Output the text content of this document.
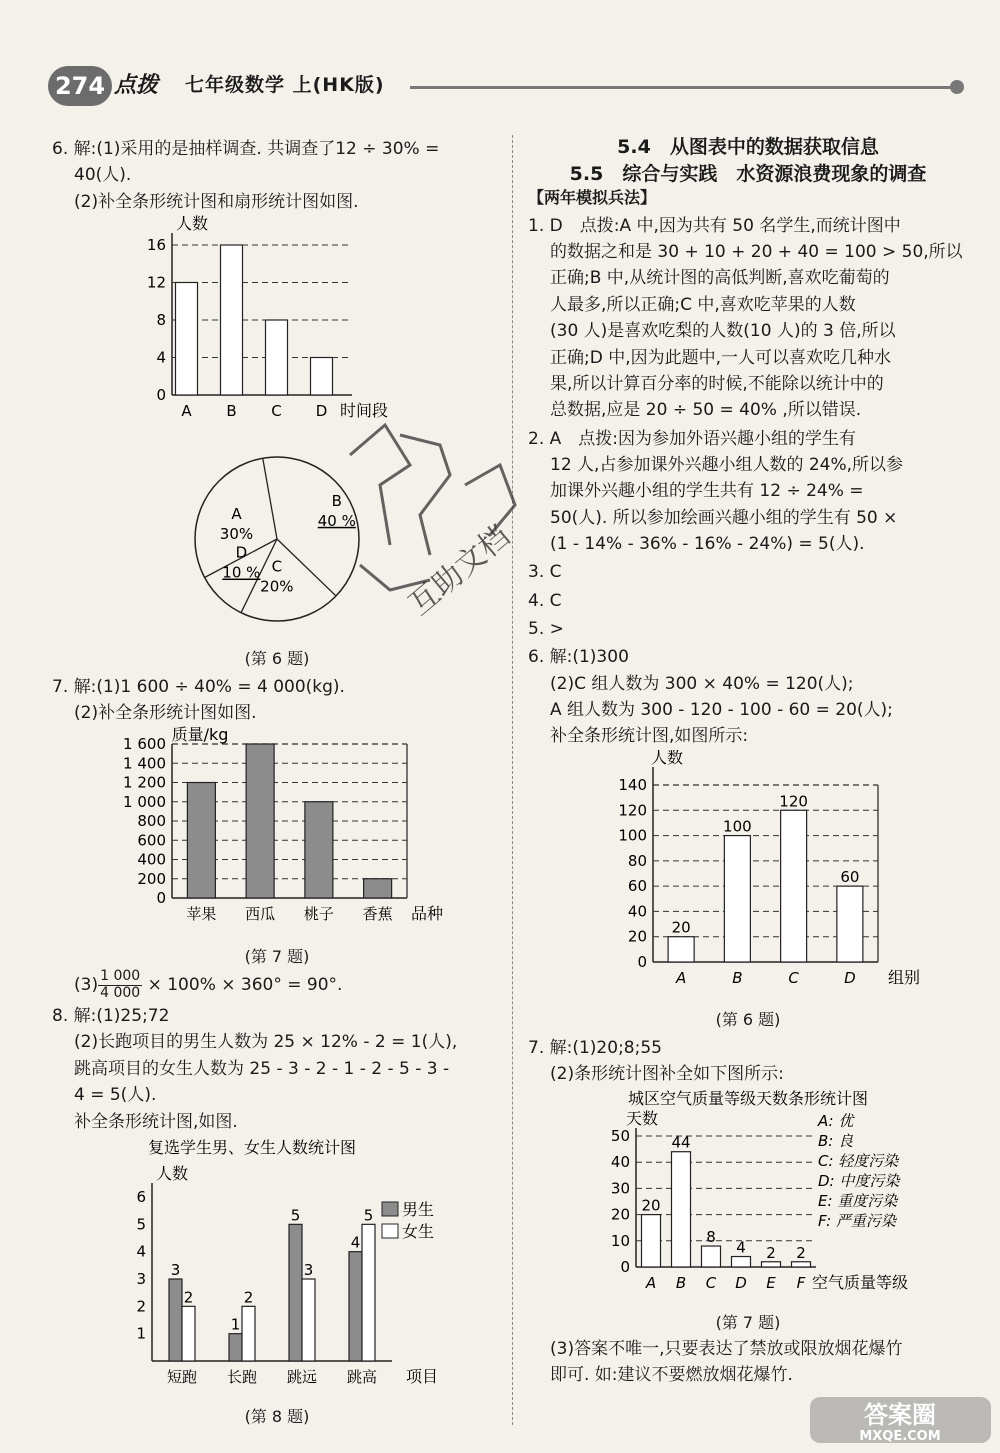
274 点拨 七年级数学 上(HK版)

6. 解:(1)采用的是抽样调查. 共调查了12 ÷ 30% =

40(人).

(2)补全条形统计图和扇形统计图如图.

0
4
8
12
16
人数
时间段
A B C D

B
40 %
C
20%
D
10 %
A
30%

(第 6 题)

7. 解:(1)1 600 ÷ 40% = 4 000(kg).

(2)补全条形统计图如图.

0
200
400
600
800
1 000
1 200
1 400
1 600 质量/kg
品种
苹果 西瓜 桃子 香蕉

(第 7 题)

$(3) \frac{1 000}{4 000} \times 100\% \times 360^\circ = 90^\circ$.

8. 解:(1)25;72

(2)长跑项目的男生人数为 25 × 12% - 2 = 1(人),

跳高项目的女生人数为 25 - 3 - 2 - 1 - 2 - 5 - 3 -

4 = 5(人).

补全条形统计图,如图.

1
2
3
4
5
6
人数
项目
复选学生男、女生人数统计图
3
2
短跑
1
2
长跑
5
3
跳远
4
5
跳高
男生
女生

(第 8 题)

5.4　从图表中的数据获取信息

5.5　综合与实践　水资源浪费现象的调查

【两年模拟兵法】

1. D　点拨:A 中,因为共有 50 名学生,而统计图中

的数据之和是 30 + 10 + 20 + 40 = 100 > 50,所以

正确;B 中,从统计图的高低判断,喜欢吃葡萄的

人最多,所以正确;C 中,喜欢吃苹果的人数

(30 人)是喜欢吃梨的人数(10 人)的 3 倍,所以

正确;D 中,因为此题中,一人可以喜欢吃几种水

果,所以计算百分率的时候,不能除以统计中的

总数据,应是 20 ÷ 50 = 40% ,所以错误.

2. A　点拨:因为参加外语兴趣小组的学生有

12 人,占参加课外兴趣小组人数的 24%,所以参

加课外兴趣小组的学生共有 12 ÷ 24% =

50(人). 所以参加绘画兴趣小组的学生有 50 ×

(1 - 14% - 36% - 16% - 24%) = 5(人).

3. C

4. C

5. >

6. 解:(1)300

(2)C 组人数为 300 × 40% = 120(人);

A 组人数为 300 - 120 - 100 - 60 = 20(人);

补全条形统计图,如图所示:

0
20
40
60
80
100
120
140
人数
组别
20
A
100
B
120
C
60
D

(第 6 题)

7. 解:(1)20;8;55

(2)条形统计图补全如下图所示:

0
10
20
30
40
50
天数
空气质量等级
城区空气质量等级天数条形统计图
20
A
44
B
8
C
4
D
2
E
2
F
A: 优
B: 良
C: 轻度污染
D: 中度污染
E: 重度污染
F: 严重污染

(第 7 题)

(3)答案不唯一,只要表达了禁放或限放烟花爆竹

即可. 如:建议不要燃放烟花爆竹.

互助文档
答案圈
MXQE.COM
